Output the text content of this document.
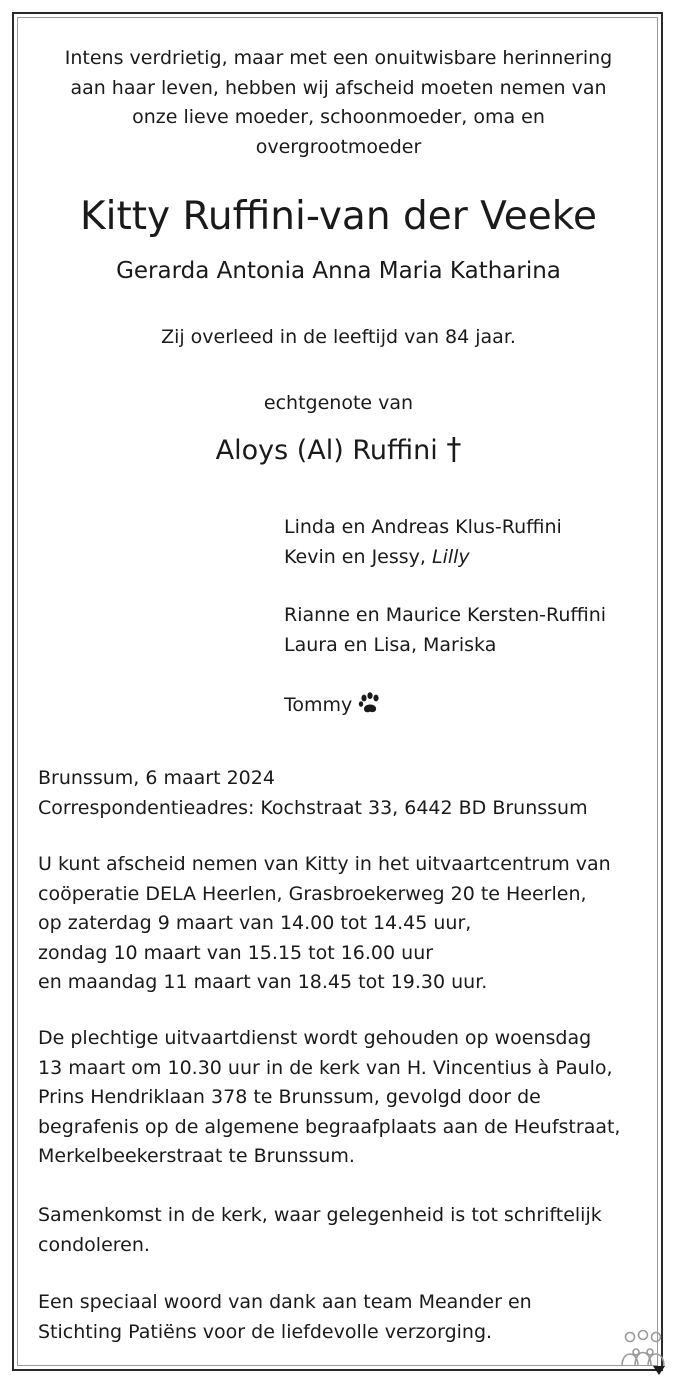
Intens verdrietig, maar met een onuitwisbare herinnering
aan haar leven, hebben wij afscheid moeten nemen van
onze lieve moeder, schoonmoeder, oma en
overgrootmoeder
Kitty Ruffini-van der Veeke
Gerarda Antonia Anna Maria Katharina
Zij overleed in de leeftijd van 84 jaar.
echtgenote van
Aloys (Al) Ruffini †
Linda en Andreas Klus-Ruffini
Kevin en Jessy, Lilly
Rianne en Maurice Kersten-Ruffini
Laura en Lisa, Mariska
Tommy
Brunssum, 6 maart 2024
Correspondentieadres: Kochstraat 33, 6442 BD Brunssum
U kunt afscheid nemen van Kitty in het uitvaartcentrum van
coöperatie DELA Heerlen, Grasbroekerweg 20 te Heerlen,
op zaterdag 9 maart van 14.00 tot 14.45 uur,
zondag 10 maart van 15.15 tot 16.00 uur
en maandag 11 maart van 18.45 tot 19.30 uur.
De plechtige uitvaartdienst wordt gehouden op woensdag
13 maart om 10.30 uur in de kerk van H. Vincentius à Paulo,
Prins Hendriklaan 378 te Brunssum, gevolgd door de
begrafenis op de algemene begraafplaats aan de Heufstraat,
Merkelbeekerstraat te Brunssum.
Samenkomst in de kerk, waar gelegenheid is tot schriftelijk
condoleren.
Een speciaal woord van dank aan team Meander en
Stichting Patiëns voor de liefdevolle verzorging.
